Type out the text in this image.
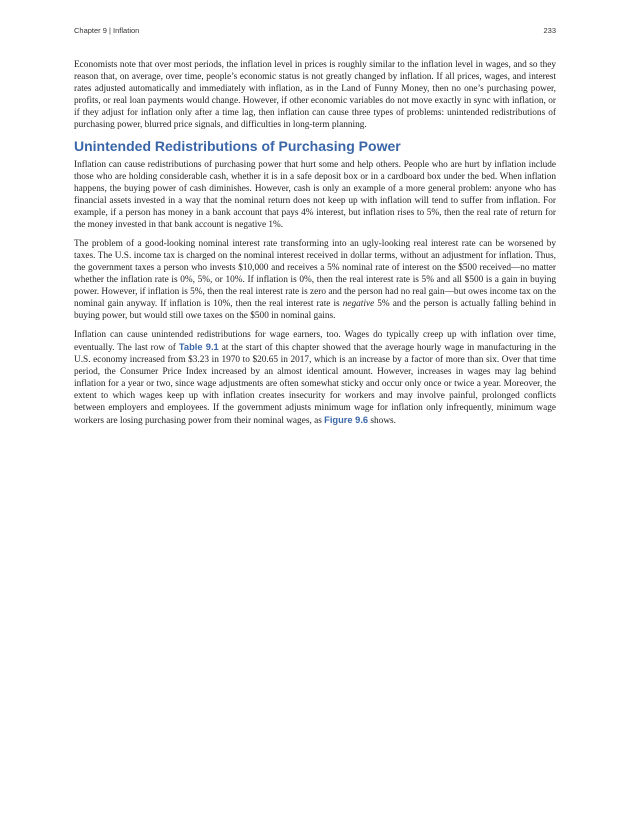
Chapter 9 | Inflation	233

Economists note that over most periods, the inflation level in prices is roughly similar to the inflation level in wages, and so they reason that, on average, over time, people’s economic status is not greatly changed by inflation. If all prices, wages, and interest rates adjusted automatically and immediately with inflation, as in the Land of Funny Money, then no one’s purchasing power, profits, or real loan payments would change. However, if other economic variables do not move exactly in sync with inflation, or if they adjust for inflation only after a time lag, then inflation can cause three types of problems: unintended redistributions of purchasing power, blurred price signals, and difficulties in long-term planning.

Unintended Redistributions of Purchasing Power

Inflation can cause redistributions of purchasing power that hurt some and help others. People who are hurt by inflation include those who are holding considerable cash, whether it is in a safe deposit box or in a cardboard box under the bed. When inflation happens, the buying power of cash diminishes. However, cash is only an example of a more general problem: anyone who has financial assets invested in a way that the nominal return does not keep up with inflation will tend to suffer from inflation. For example, if a person has money in a bank account that pays 4% interest, but inflation rises to 5%, then the real rate of return for the money invested in that bank account is negative 1%.

The problem of a good-looking nominal interest rate transforming into an ugly-looking real interest rate can be worsened by taxes. The U.S. income tax is charged on the nominal interest received in dollar terms, without an adjustment for inflation. Thus, the government taxes a person who invests $10,000 and receives a 5% nominal rate of interest on the $500 received—no matter whether the inflation rate is 0%, 5%, or 10%. If inflation is 0%, then the real interest rate is 5% and all $500 is a gain in buying power. However, if inflation is 5%, then the real interest rate is zero and the person had no real gain—but owes income tax on the nominal gain anyway. If inflation is 10%, then the real interest rate is negative 5% and the person is actually falling behind in buying power, but would still owe taxes on the $500 in nominal gains.

Inflation can cause unintended redistributions for wage earners, too. Wages do typically creep up with inflation over time, eventually. The last row of Table 9.1 at the start of this chapter showed that the average hourly wage in manufacturing in the U.S. economy increased from $3.23 in 1970 to $20.65 in 2017, which is an increase by a factor of more than six. Over that time period, the Consumer Price Index increased by an almost identical amount. However, increases in wages may lag behind inflation for a year or two, since wage adjustments are often somewhat sticky and occur only once or twice a year. Moreover, the extent to which wages keep up with inflation creates insecurity for workers and may involve painful, prolonged conflicts between employers and employees. If the government adjusts minimum wage for inflation only infrequently, minimum wage workers are losing purchasing power from their nominal wages, as Figure 9.6 shows.
